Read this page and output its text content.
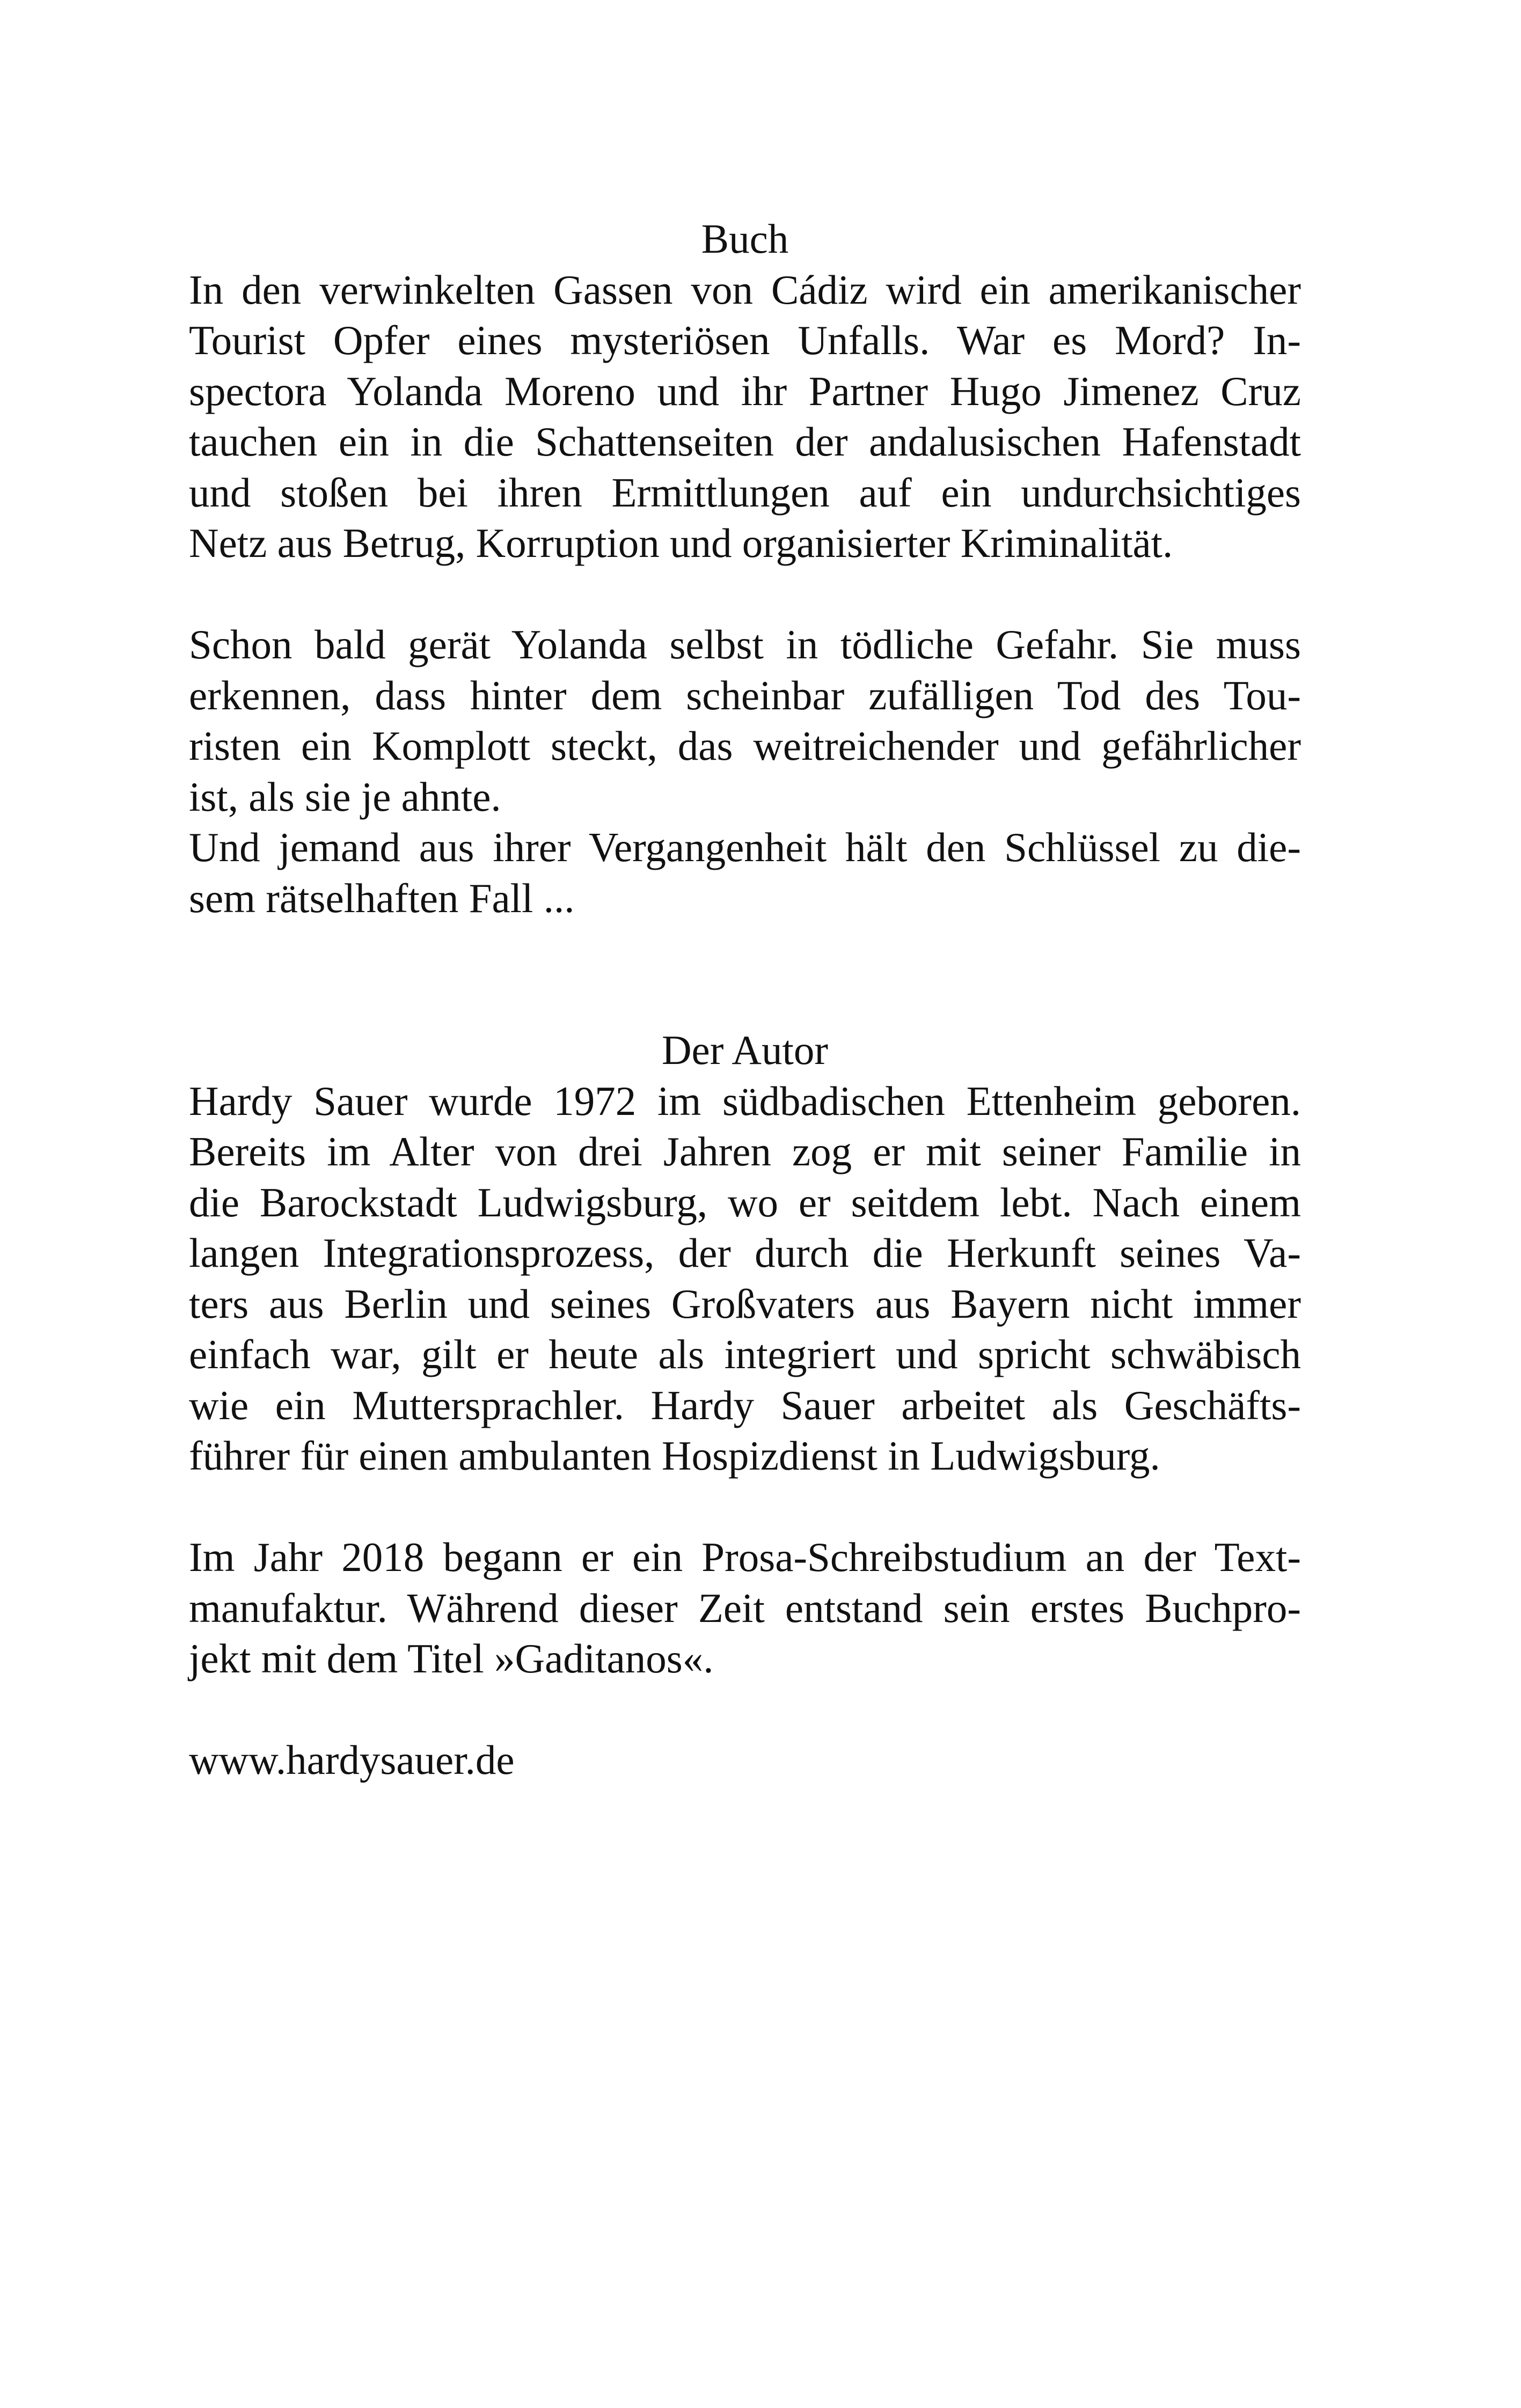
Buch
In den verwinkelten Gassen von Cádiz wird ein amerikanischer
Tourist Opfer eines mysteriösen Unfalls. War es Mord? In-
spectora Yolanda Moreno und ihr Partner Hugo Jimenez Cruz
tauchen ein in die Schattenseiten der andalusischen Hafenstadt
und stoßen bei ihren Ermittlungen auf ein undurchsichtiges
Netz aus Betrug, Korruption und organisierter Kriminalität.
Schon bald gerät Yolanda selbst in tödliche Gefahr. Sie muss
erkennen, dass hinter dem scheinbar zufälligen Tod des Tou-
risten ein Komplott steckt, das weitreichender und gefährlicher
ist, als sie je ahnte.
Und jemand aus ihrer Vergangenheit hält den Schlüssel zu die-
sem rätselhaften Fall ...
Der Autor
Hardy Sauer wurde 1972 im südbadischen Ettenheim geboren.
Bereits im Alter von drei Jahren zog er mit seiner Familie in
die Barockstadt Ludwigsburg, wo er seitdem lebt. Nach einem
langen Integrationsprozess, der durch die Herkunft seines Va-
ters aus Berlin und seines Großvaters aus Bayern nicht immer
einfach war, gilt er heute als integriert und spricht schwäbisch
wie ein Muttersprachler. Hardy Sauer arbeitet als Geschäfts-
führer für einen ambulanten Hospizdienst in Ludwigsburg.
Im Jahr 2018 begann er ein Prosa-Schreibstudium an der Text-
manufaktur. Während dieser Zeit entstand sein erstes Buchpro-
jekt mit dem Titel »Gaditanos«.
www.hardysauer.de
